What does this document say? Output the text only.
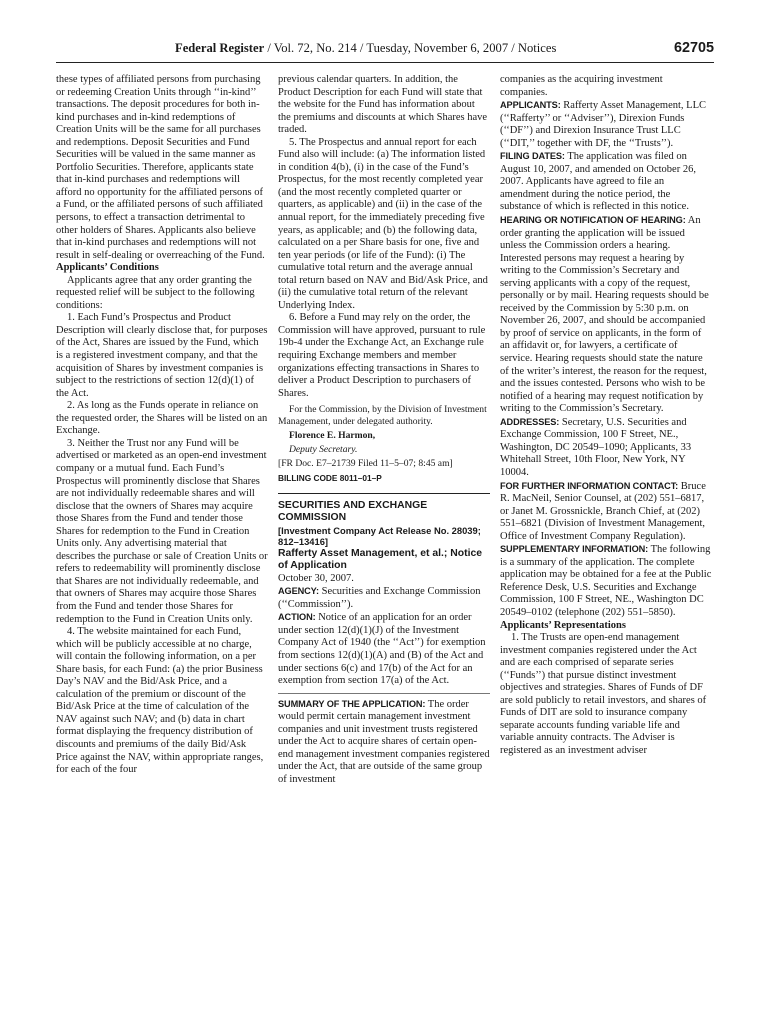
Federal Register / Vol. 72, No. 214 / Tuesday, November 6, 2007 / Notices	62705

these types of affiliated persons from purchasing or redeeming Creation Units through ‘‘in-kind’’ transactions. The deposit procedures for both in-kind purchases and in-kind redemptions of Creation Units will be the same for all purchases and redemptions. Deposit Securities and Fund Securities will be valued in the same manner as Portfolio Securities. Therefore, applicants state that in-kind purchases and redemptions will afford no opportunity for the affiliated persons of a Fund, or the affiliated persons of such affiliated persons, to effect a transaction detrimental to other holders of Shares. Applicants also believe that in-kind purchases and redemptions will not result in self-dealing or overreaching of the Fund.

Applicants’ Conditions

Applicants agree that any order granting the requested relief will be subject to the following conditions:

1. Each Fund’s Prospectus and Product Description will clearly disclose that, for purposes of the Act, Shares are issued by the Fund, which is a registered investment company, and that the acquisition of Shares by investment companies is subject to the restrictions of section 12(d)(1) of the Act.

2. As long as the Funds operate in reliance on the requested order, the Shares will be listed on an Exchange.

3. Neither the Trust nor any Fund will be advertised or marketed as an open-end investment company or a mutual fund. Each Fund’s Prospectus will prominently disclose that Shares are not individually redeemable shares and will disclose that the owners of Shares may acquire those Shares from the Fund and tender those Shares for redemption to the Fund in Creation Units only. Any advertising material that describes the purchase or sale of Creation Units or refers to redeemability will prominently disclose that Shares are not individually redeemable, and that owners of Shares may acquire those Shares from the Fund and tender those Shares for redemption to the Fund in Creation Units only.

4. The website maintained for each Fund, which will be publicly accessible at no charge, will contain the following information, on a per Share basis, for each Fund: (a) the prior Business Day’s NAV and the Bid/Ask Price, and a calculation of the premium or discount of the Bid/Ask Price at the time of calculation of the NAV against such NAV; and (b) data in chart format displaying the frequency distribution of discounts and premiums of the daily Bid/Ask Price against the NAV, within appropriate ranges, for each of the four

previous calendar quarters. In addition, the Product Description for each Fund will state that the website for the Fund has information about the premiums and discounts at which Shares have traded.

5. The Prospectus and annual report for each Fund also will include: (a) The information listed in condition 4(b), (i) in the case of the Fund’s Prospectus, for the most recently completed year (and the most recently completed quarter or quarters, as applicable) and (ii) in the case of the annual report, for the immediately preceding five years, as applicable; and (b) the following data, calculated on a per Share basis for one, five and ten year periods (or life of the Fund): (i) The cumulative total return and the average annual total return based on NAV and Bid/Ask Price, and (ii) the cumulative total return of the relevant Underlying Index.

6. Before a Fund may rely on the order, the Commission will have approved, pursuant to rule 19b-4 under the Exchange Act, an Exchange rule requiring Exchange members and member organizations effecting transactions in Shares to deliver a Product Description to purchasers of Shares.

For the Commission, by the Division of Investment Management, under delegated authority.

Florence E. Harmon,

Deputy Secretary.

[FR Doc. E7–21739 Filed 11–5–07; 8:45 am]

BILLING CODE 8011–01–P

SECURITIES AND EXCHANGE COMMISSION

[Investment Company Act Release No. 28039; 812–13416]

Rafferty Asset Management, et al.; Notice of Application

October 30, 2007.

AGENCY: Securities and Exchange Commission (‘‘Commission’’).

ACTION: Notice of an application for an order under section 12(d)(1)(J) of the Investment Company Act of 1940 (the ‘‘Act’’) for exemption from sections 12(d)(1)(A) and (B) of the Act and under sections 6(c) and 17(b) of the Act for an exemption from section 17(a) of the Act.

SUMMARY OF THE APPLICATION: The order would permit certain management investment companies and unit investment trusts registered under the Act to acquire shares of certain open-end management investment companies registered under the Act, that are outside of the same group of investment

companies as the acquiring investment companies.

APPLICANTS: Rafferty Asset Management, LLC (‘‘Rafferty’’ or ‘‘Adviser’’), Direxion Funds (‘‘DF’’) and Direxion Insurance Trust LLC (‘‘DIT,’’ together with DF, the ‘‘Trusts’’).

FILING DATES: The application was filed on August 10, 2007, and amended on October 26, 2007. Applicants have agreed to file an amendment during the notice period, the substance of which is reflected in this notice.

HEARING OR NOTIFICATION OF HEARING: An order granting the application will be issued unless the Commission orders a hearing. Interested persons may request a hearing by writing to the Commission’s Secretary and serving applicants with a copy of the request, personally or by mail. Hearing requests should be received by the Commission by 5:30 p.m. on November 26, 2007, and should be accompanied by proof of service on applicants, in the form of an affidavit or, for lawyers, a certificate of service. Hearing requests should state the nature of the writer’s interest, the reason for the request, and the issues contested. Persons who wish to be notified of a hearing may request notification by writing to the Commission’s Secretary.

ADDRESSES: Secretary, U.S. Securities and Exchange Commission, 100 F Street, NE., Washington, DC 20549–1090; Applicants, 33 Whitehall Street, 10th Floor, New York, NY 10004.

FOR FURTHER INFORMATION CONTACT: Bruce R. MacNeil, Senior Counsel, at (202) 551–6817, or Janet M. Grossnickle, Branch Chief, at (202) 551–6821 (Division of Investment Management, Office of Investment Company Regulation).

SUPPLEMENTARY INFORMATION: The following is a summary of the application. The complete application may be obtained for a fee at the Public Reference Desk, U.S. Securities and Exchange Commission, 100 F Street, NE., Washington DC 20549–0102 (telephone (202) 551–5850).

Applicants’ Representations

1. The Trusts are open-end management investment companies registered under the Act and are each comprised of separate series (‘‘Funds’’) that pursue distinct investment objectives and strategies. Shares of Funds of DF are sold publicly to retail investors, and shares of Funds of DIT are sold to insurance company separate accounts funding variable life and variable annuity contracts. The Adviser is registered as an investment adviser
